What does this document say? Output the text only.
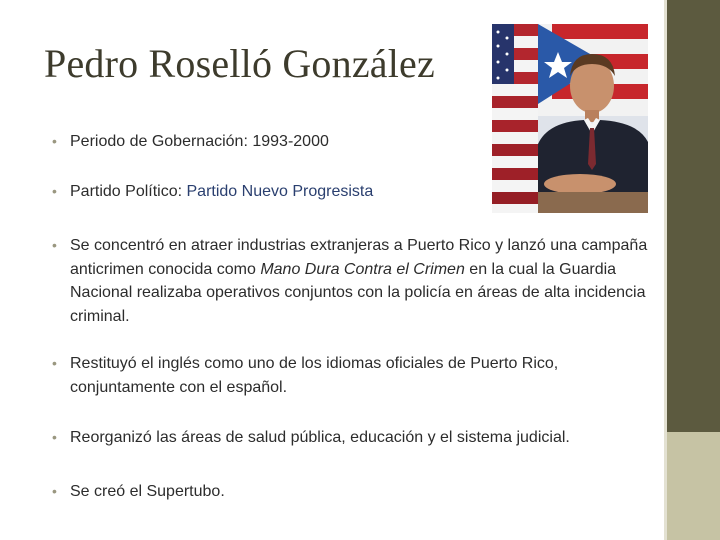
Pedro Roselló González
• Periodo de Gobernación: 1993-2000
• Partido Político: Partido Nuevo Progresista
• Se concentró en atraer industrias extranjeras a Puerto Rico y lanzó una campaña anticrimen conocida como Mano Dura Contra el Crimen en la cual la Guardia Nacional realizaba operativos conjuntos con la policía en áreas de alta incidencia criminal.
• Restituyó el inglés como uno de los idiomas oficiales de Puerto Rico, conjuntamente con el español.
• Reorganizó las áreas de salud pública, educación y el sistema judicial.
• Se creó el Supertubo.
